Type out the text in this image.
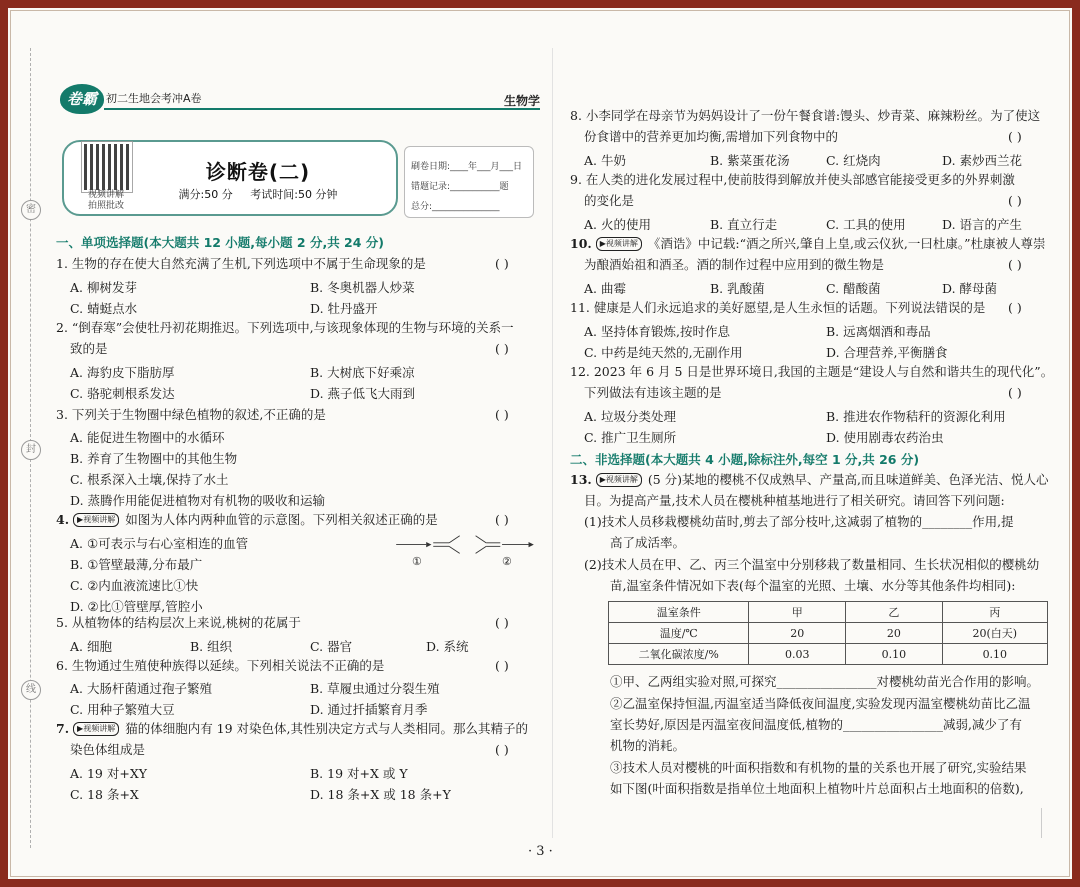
密
封
线
卷霸 初二生地会考冲A卷	生物学
视频讲解
拍照批改
诊断卷(二)
满分:50 分 考试时间:50 分钟
刷卷日期:____年___月___日
错题记录:___________题
总分:_______________
一、单项选择题(本大题共 12 小题,每小题 2 分,共 24 分)
1. 生物的存在使大自然充满了生机,下列选项中不属于生命现象的是	( )
A. 柳树发芽	B. 冬奥机器人炒菜
C. 蜻蜓点水	D. 牡丹盛开
2. “倒春寒”会使牡丹初花期推迟。下列选项中,与该现象体现的生物与环境的关系一
致的是	( )
A. 海豹皮下脂肪厚	B. 大树底下好乘凉
C. 骆驼刺根系发达	D. 燕子低飞大雨到
3. 下列关于生物圈中绿色植物的叙述,不正确的是	( )
A. 能促进生物圈中的水循环
B. 养育了生物圈中的其他生物
C. 根系深入土壤,保持了水土
D. 蒸腾作用能促进植物对有机物的吸收和运输
4. ▶视频讲解 如图为人体内两种血管的示意图。下列相关叙述正确的是	( )
A. ①可表示与右心室相连的血管
B. ①管壁最薄,分布最广
C. ②内血液流速比①快
D. ②比①管壁厚,管腔小
①	②
5. 从植物体的结构层次上来说,桃树的花属于	( )
A. 细胞	B. 组织	C. 器官	D. 系统
6. 生物通过生殖使种族得以延续。下列相关说法不正确的是	( )
A. 大肠杆菌通过孢子繁殖	B. 草履虫通过分裂生殖
C. 用种子繁殖大豆	D. 通过扦插繁育月季
7. ▶视频讲解 猫的体细胞内有 19 对染色体,其性别决定方式与人类相同。那么其精子的
染色体组成是	( )
A. 19 对+XY	B. 19 对+X 或 Y
C. 18 条+X	D. 18 条+X 或 18 条+Y
8. 小李同学在母亲节为妈妈设计了一份午餐食谱:馒头、炒青菜、麻辣粉丝。为了使这
份食谱中的营养更加均衡,需增加下列食物中的	( )
A. 牛奶	B. 紫菜蛋花汤	C. 红烧肉	D. 素炒西兰花
9. 在人类的进化发展过程中,使前肢得到解放并使头部感官能接受更多的外界刺激
的变化是	( )
A. 火的使用	B. 直立行走	C. 工具的使用	D. 语言的产生
10. ▶视频讲解 《酒诰》中记载:“酒之所兴,肇自上皇,或云仪狄,一曰杜康。”杜康被人尊崇
为酿酒始祖和酒圣。酒的制作过程中应用到的微生物是	( )
A. 曲霉	B. 乳酸菌	C. 醋酸菌	D. 酵母菌
11. 健康是人们永远追求的美好愿望,是人生永恒的话题。下列说法错误的是 ( )
A. 坚持体育锻炼,按时作息	B. 远离烟酒和毒品
C. 中药是纯天然的,无副作用	D. 合理营养,平衡膳食
12. 2023 年 6 月 5 日是世界环境日,我国的主题是“建设人与自然和谐共生的现代化”。
下列做法有违该主题的是	( )
A. 垃圾分类处理	B. 推进农作物秸秆的资源化利用
C. 推广卫生厕所	D. 使用剧毒农药治虫
二、非选择题(本大题共 4 小题,除标注外,每空 1 分,共 26 分)
13. ▶视频讲解 (5 分)某地的樱桃不仅成熟早、产量高,而且味道鲜美、色泽光洁、悦人心
目。为提高产量,技术人员在樱桃种植基地进行了相关研究。请回答下列问题:
(1)技术人员移栽樱桃幼苗时,剪去了部分枝叶,这减弱了植物的________作用,提
高了成活率。
(2)技术人员在甲、乙、丙三个温室中分别移栽了数量相同、生长状况相似的樱桃幼
苗,温室条件情况如下表(每个温室的光照、土壤、水分等其他条件均相同):
温室条件	甲	乙	丙
温度/℃	20	20	20(白天)
二氧化碳浓度/%	0.03	0.10	0.10
①甲、乙两组实验对照,可探究________________对樱桃幼苗光合作用的影响。
②乙温室保持恒温,丙温室适当降低夜间温度,实验发现丙温室樱桃幼苗比乙温
室长势好,原因是丙温室夜间温度低,植物的________________减弱,减少了有
机物的消耗。
③技术人员对樱桃的叶面积指数和有机物的量的关系也开展了研究,实验结果
如下图(叶面积指数是指单位土地面积上植物叶片总面积占土地面积的倍数),
· 3 ·
